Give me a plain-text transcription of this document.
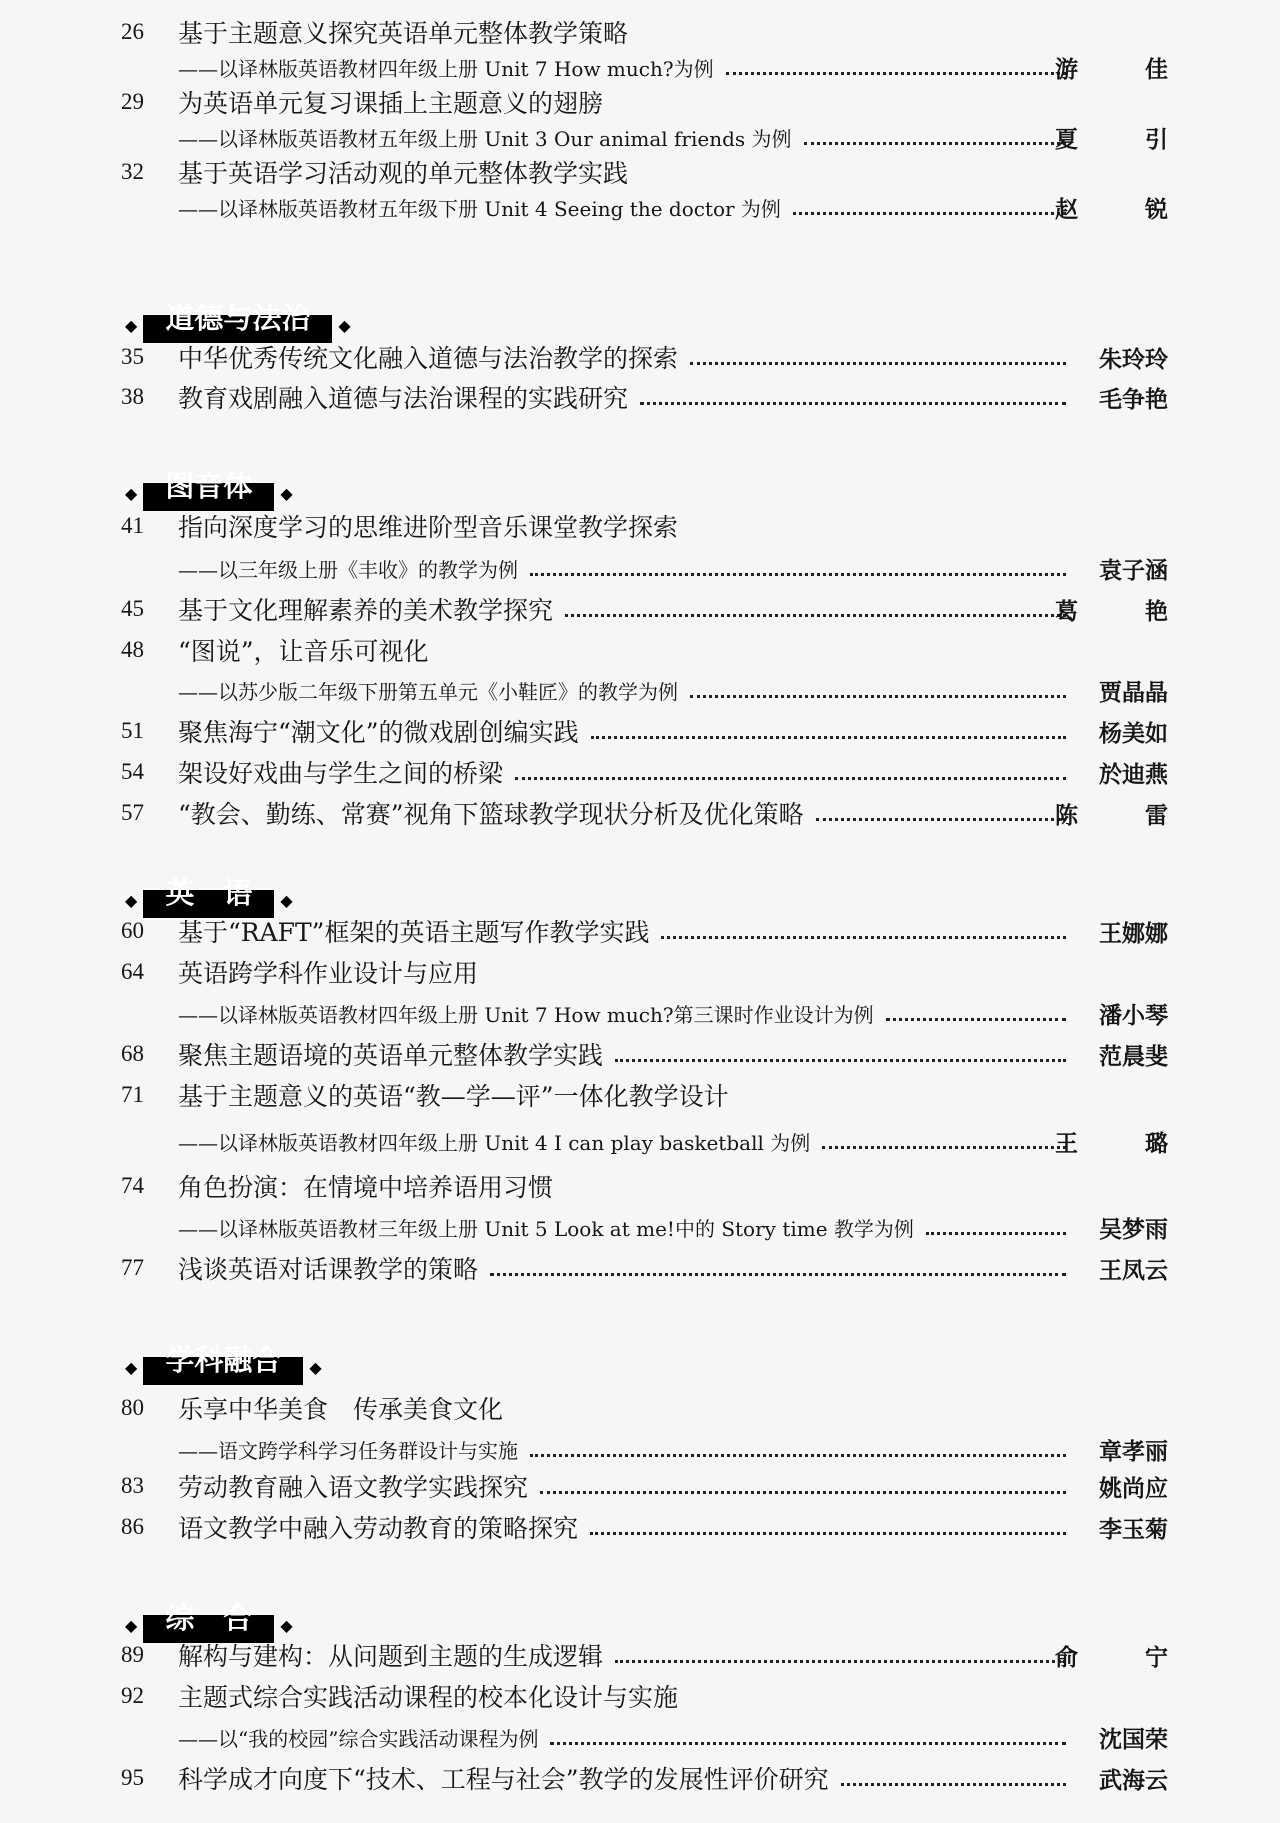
26	基于主题意义探究英语单元整体教学策略
——以译林版英语教材四年级上册 Unit 7 How much?为例	游　佳
29	为英语单元复习课插上主题意义的翅膀
——以译林版英语教材五年级上册 Unit 3 Our animal friends 为例	夏　引
32	基于英语学习活动观的单元整体教学实践
——以译林版英语教材五年级下册 Unit 4 Seeing the doctor 为例	赵　锐
◆ 道德与法治	◆
35	中华优秀传统文化融入道德与法治教学的探索	朱玲玲
38	教育戏剧融入道德与法治课程的实践研究	毛争艳
◆ 图音体	◆
41	指向深度学习的思维进阶型音乐课堂教学探索
——以三年级上册《丰收》的教学为例	袁子涵
45	基于文化理解素养的美术教学探究	葛　艳
48	“图说”，让音乐可视化
——以苏少版二年级下册第五单元《小鞋匠》的教学为例	贾晶晶
51	聚焦海宁“潮文化”的微戏剧创编实践	杨美如
54	架设好戏曲与学生之间的桥梁	於迪燕
57	“教会、勤练、常赛”视角下篮球教学现状分析及优化策略	陈　雷
◆ 英　语	◆
60	基于“RAFT”框架的英语主题写作教学实践	王娜娜
64	英语跨学科作业设计与应用
——以译林版英语教材四年级上册 Unit 7 How much?第三课时作业设计为例	潘小琴
68	聚焦主题语境的英语单元整体教学实践	范晨斐
71	基于主题意义的英语“教—学—评”一体化教学设计
——以译林版英语教材四年级上册 Unit 4 I can play basketball 为例	王　璐
74	角色扮演：在情境中培养语用习惯
——以译林版英语教材三年级上册 Unit 5 Look at me!中的 Story time 教学为例	吴梦雨
77	浅谈英语对话课教学的策略	王凤云
◆ 学科融合	◆
80	乐享中华美食　传承美食文化
——语文跨学科学习任务群设计与实施	章孝丽
83	劳动教育融入语文教学实践探究	姚尚应
86	语文教学中融入劳动教育的策略探究	李玉菊
◆ 综　合	◆
89	解构与建构：从问题到主题的生成逻辑	俞　宁
92	主题式综合实践活动课程的校本化设计与实施
——以“我的校园”综合实践活动课程为例	沈国荣
95	科学成才向度下“技术、工程与社会”教学的发展性评价研究	武海云
